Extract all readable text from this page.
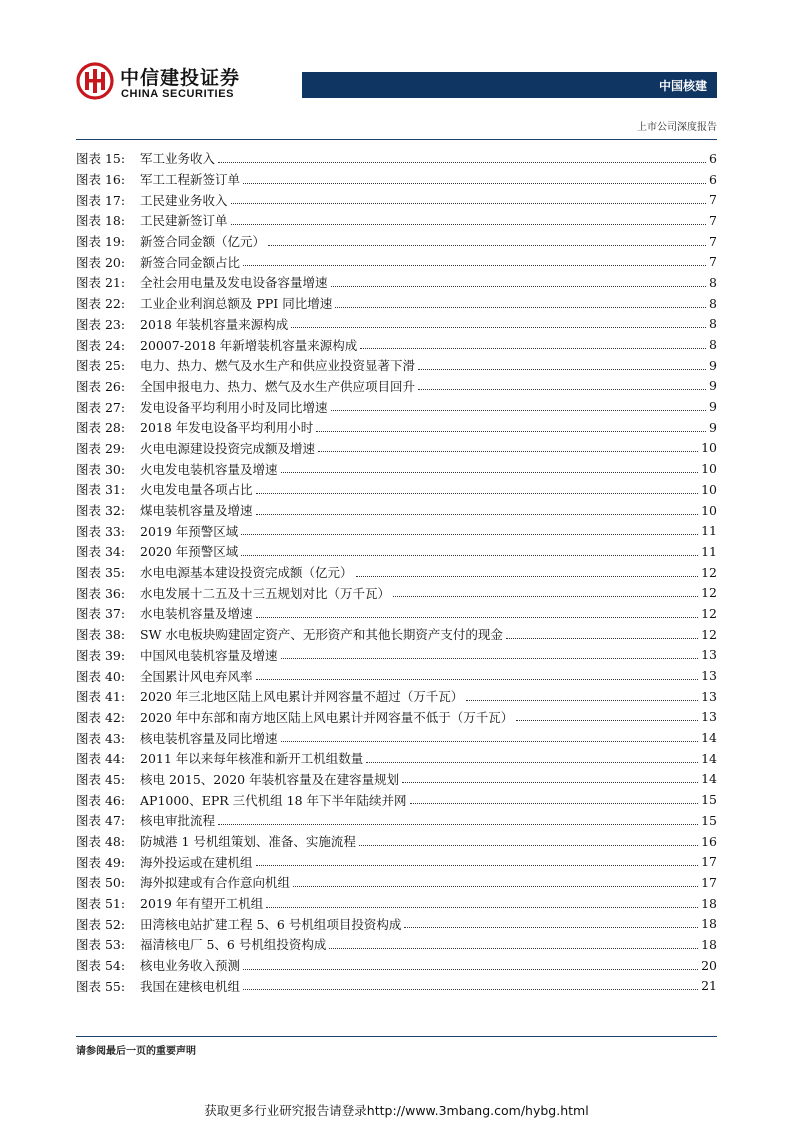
中信建投证券
CHINA SECURITIES
中国核建
上市公司深度报告
图表 15:	军工业务收入	6
图表 16:	军工工程新签订单	6
图表 17:	工民建业务收入	7
图表 18:	工民建新签订单	7
图表 19:	新签合同金额（亿元）	7
图表 20:	新签合同金额占比	7
图表 21:	全社会用电量及发电设备容量增速	8
图表 22:	工业企业利润总额及 PPI 同比增速	8
图表 23:	2018 年装机容量来源构成	8
图表 24:	20007-2018 年新增装机容量来源构成	8
图表 25:	电力、热力、燃气及水生产和供应业投资显著下滑	9
图表 26:	全国申报电力、热力、燃气及水生产供应项目回升	9
图表 27:	发电设备平均利用小时及同比增速	9
图表 28:	2018 年发电设备平均利用小时	9
图表 29:	火电电源建设投资完成额及增速	10
图表 30:	火电发电装机容量及增速	10
图表 31:	火电发电量各项占比	10
图表 32:	煤电装机容量及增速	10
图表 33:	2019 年预警区域	11
图表 34:	2020 年预警区域	11
图表 35:	水电电源基本建设投资完成额（亿元）	12
图表 36:	水电发展十二五及十三五规划对比（万千瓦）	12
图表 37:	水电装机容量及增速	12
图表 38:	SW 水电板块购建固定资产、无形资产和其他长期资产支付的现金	12
图表 39:	中国风电装机容量及增速	13
图表 40:	全国累计风电弃风率	13
图表 41:	2020 年三北地区陆上风电累计并网容量不超过（万千瓦）	13
图表 42:	2020 年中东部和南方地区陆上风电累计并网容量不低于（万千瓦）	13
图表 43:	核电装机容量及同比增速	14
图表 44:	2011 年以来每年核准和新开工机组数量	14
图表 45:	核电 2015、2020 年装机容量及在建容量规划	14
图表 46:	AP1000、EPR 三代机组 18 年下半年陆续并网	15
图表 47:	核电审批流程	15
图表 48:	防城港 1 号机组策划、准备、实施流程	16
图表 49:	海外投运或在建机组	17
图表 50:	海外拟建或有合作意向机组	17
图表 51:	2019 年有望开工机组	18
图表 52:	田湾核电站扩建工程 5、6 号机组项目投资构成	18
图表 53:	福清核电厂 5、6 号机组投资构成	18
图表 54:	核电业务收入预测	20
图表 55:	我国在建核电机组	21
请参阅最后一页的重要声明
获取更多行业研究报告请登录http://www.3mbang.com/hybg.html
